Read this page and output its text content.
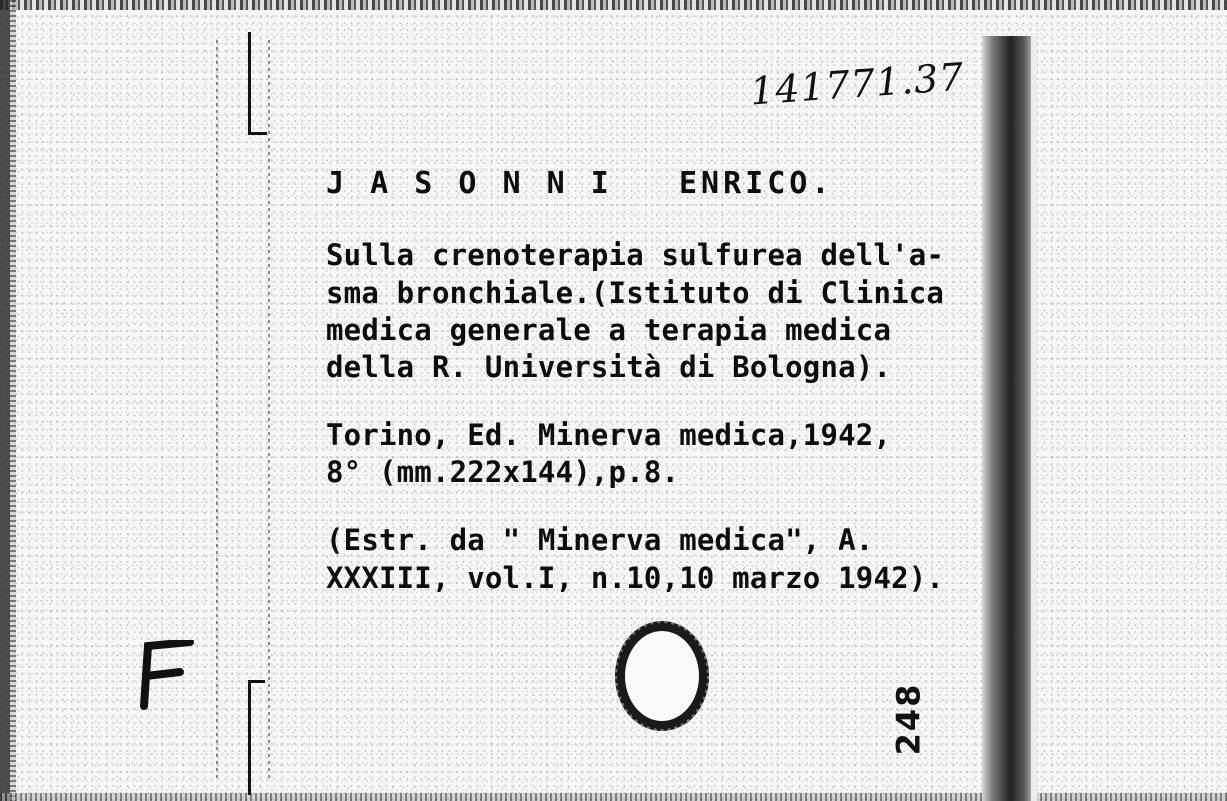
141771.37
J A S O N N I   ENRICO.
Sulla crenoterapia sulfurea dell'a-
sma bronchiale.(Istituto di Clinica
medica generale a terapia medica
della R. Università di Bologna).
Torino, Ed. Minerva medica,1942,
8° (mm.222x144),p.8.
(Estr. da " Minerva medica", A.
XXXIII, vol.I, n.10,10 marzo 1942).
248
